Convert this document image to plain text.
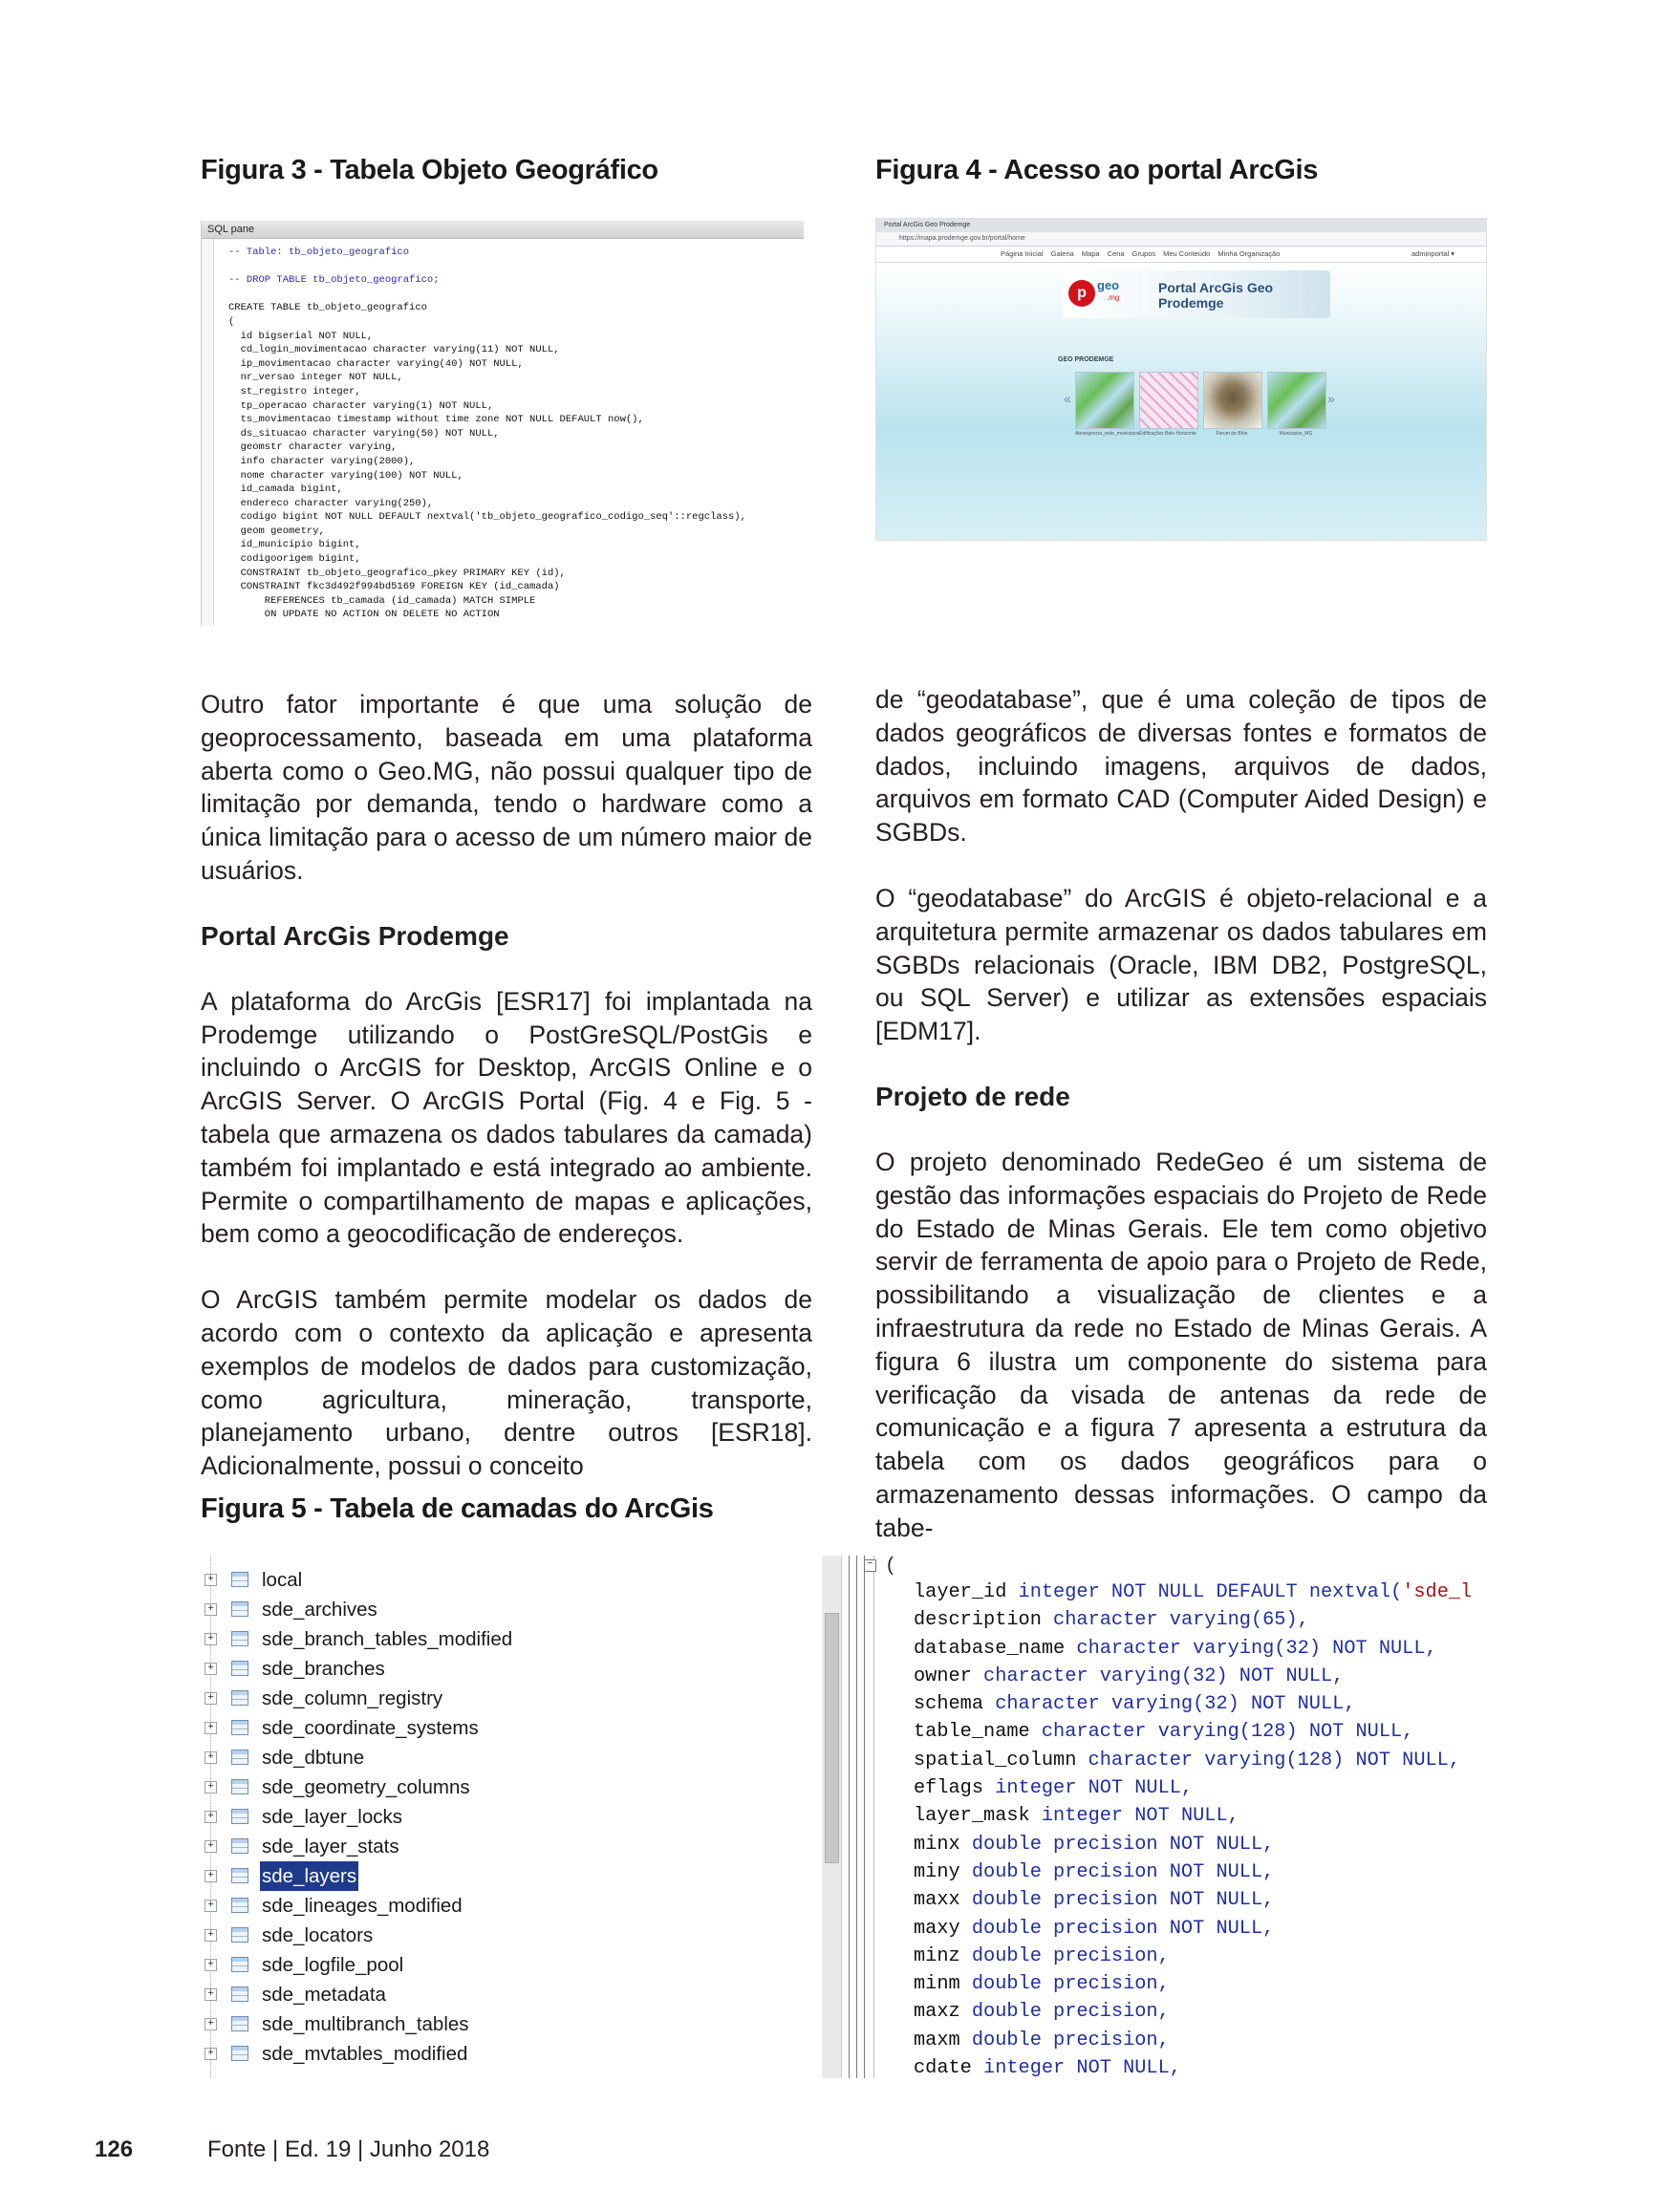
Figura 3 - Tabela Objeto Geográfico	Figura 4 - Acesso ao portal ArcGis
SQL pane
-- Table: tb_objeto_geografico

-- DROP TABLE tb_objeto_geografico;

CREATE TABLE tb_objeto_geografico
(
id bigserial NOT NULL,
cd_login_movimentacao character varying(11) NOT NULL,
ip_movimentacao character varying(40) NOT NULL,
nr_versao integer NOT NULL,
st_registro integer,
tp_operacao character varying(1) NOT NULL,
ts_movimentacao timestamp without time zone NOT NULL DEFAULT now(),
ds_situacao character varying(50) NOT NULL,
geomstr character varying,
info character varying(2000),
nome character varying(100) NOT NULL,
id_camada bigint,
endereco character varying(250),
codigo bigint NOT NULL DEFAULT nextval('tb_objeto_geografico_codigo_seq'::regclass),
geom geometry,
id_municipio bigint,
codigoorigem bigint,
CONSTRAINT tb_objeto_geografico_pkey PRIMARY KEY (id),
CONSTRAINT fkc3d492f994bd5169 FOREIGN KEY (id_camada)
REFERENCES tb_camada (id_camada) MATCH SIMPLE
ON UPDATE NO ACTION ON DELETE NO ACTION
Portal ArcGis Geo Prodemge
https://mapa.prodemge.gov.br/portal/home
Página Inicial Galeria Mapa Cena Grupos Meu Conteúdo Minha Organização	adminportal ▾
p geo
.mg
Portal ArcGis Geo
Prodemge
GEO PRODEMGE
«	»
Abrangencia_rede_municipios Edificações Belo Horizonte	Forum de Bhte	Municípios_MG

Outro fator importante é que uma solução de geoprocessamento, baseada em uma plataforma aberta como o Geo.MG, não possui qualquer tipo de limitação por demanda, tendo o hardware como a única limitação para o acesso de um número maior de usuários.

Portal ArcGis Prodemge

A plataforma do ArcGis [ESR17] foi implantada na Prodemge utilizando o PostGreSQL/PostGis e incluindo o ArcGIS for Desktop, ArcGIS Online e o ArcGIS Server. O ArcGIS Portal (Fig. 4 e Fig. 5 - tabela que armazena os dados tabulares da camada) também foi implantado e está integrado ao ambiente. Permite o compartilhamento de mapas e aplicações, bem como a geocodificação de endereços.

O ArcGIS também permite modelar os dados de acordo com o contexto da aplicação e apresenta exemplos de modelos de dados para customização, como agricultura, mineração, transporte, planejamento urbano, dentre outros [ESR18]. Adicionalmente, possui o conceito

de “geodatabase”, que é uma coleção de tipos de dados geográficos de diversas fontes e formatos de dados, incluindo imagens, arquivos de dados, arquivos em formato CAD (Computer Aided Design) e SGBDs.

O “geodatabase” do ArcGIS é objeto-relacional e a arquitetura permite armazenar os dados tabulares em SGBDs relacionais (Oracle, IBM DB2, PostgreSQL, ou SQL Server) e utilizar as extensões espaciais [EDM17].

Projeto de rede

O projeto denominado RedeGeo é um sistema de gestão das informações espaciais do Projeto de Rede do Estado de Minas Gerais. Ele tem como objetivo servir de ferramenta de apoio para o Projeto de Rede, possibilitando a visualização de clientes e a infraestrutura da rede no Estado de Minas Gerais. A figura 6 ilustra um componente do sistema para verificação da visada de antenas da rede de comunicação e a figura 7 apresenta a estrutura da tabela com os dados geográficos para o armazenamento dessas informações. O campo da tabe-

Figura 5 - Tabela de camadas do ArcGis
+ local
+ sde_archives
+ sde_branch_tables_modified
+ sde_branches
+ sde_column_registry
+ sde_coordinate_systems
+ sde_dbtune
+ sde_geometry_columns
+ sde_layer_locks
+ sde_layer_stats
+ sde_layers
+ sde_lineages_modified
+ sde_locators
+ sde_logfile_pool
+ sde_metadata
+ sde_multibranch_tables
+ sde_mvtables_modified
− (
layer_id integer NOT NULL DEFAULT nextval('sde_l
description character varying(65),
database_name character varying(32) NOT NULL,
owner character varying(32) NOT NULL,
schema character varying(32) NOT NULL,
table_name character varying(128) NOT NULL,
spatial_column character varying(128) NOT NULL,
eflags integer NOT NULL,
layer_mask integer NOT NULL,
minx double precision NOT NULL,
miny double precision NOT NULL,
maxx double precision NOT NULL,
maxy double precision NOT NULL,
minz double precision,
minm double precision,
maxz double precision,
maxm double precision,
cdate integer NOT NULL,
126	Fonte | Ed. 19 | Junho 2018
